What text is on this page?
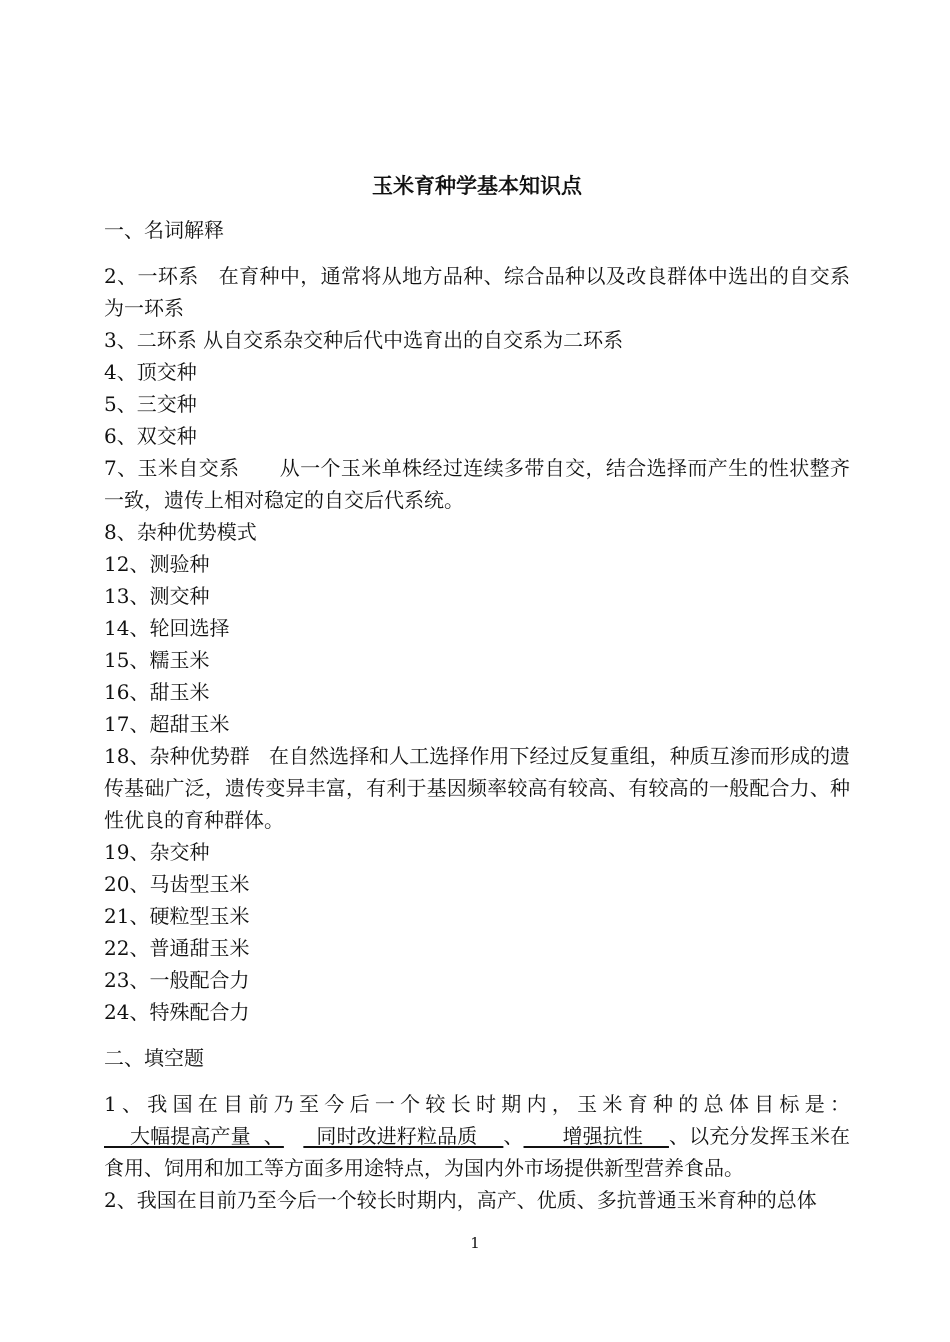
玉米育种学基本知识点
一、名词解释

2、一环系 在育种中，通常将从地方品种、综合品种以及改良群体中选出的自交系为一环系

3、二环系 从自交系杂交种后代中选育出的自交系为二环系

4、顶交种

5、三交种

6、双交种

7、玉米自交系 从一个玉米单株经过连续多带自交，结合选择而产生的性状整齐一致，遗传上相对稳定的自交后代系统。

8、杂种优势模式

12、测验种

13、测交种

14、轮回选择

15、糯玉米

16、甜玉米

17、超甜玉米

18、杂种优势群 在自然选择和人工选择作用下经过反复重组，种质互渗而形成的遗传基础广泛，遗传变异丰富，有利于基因频率较高有较高、有较高的一般配合力、种性优良的育种群体。

19、杂交种

20、马齿型玉米

21、硬粒型玉米

22、普通甜玉米

23、一般配合力

24、特殊配合力

二、填空题

1、我国在目前乃至今后一个较长时期内，玉米育种的总体目标是：    大幅提高产量  、     同时改进籽粒品质    、      增强抗性    、以充分发挥玉米在食用、饲用和加工等方面多用途特点，为国内外市场提供新型营养食品。

2、我国在目前乃至今后一个较长时期内，高产、优质、多抗普通玉米育种的总体

1
